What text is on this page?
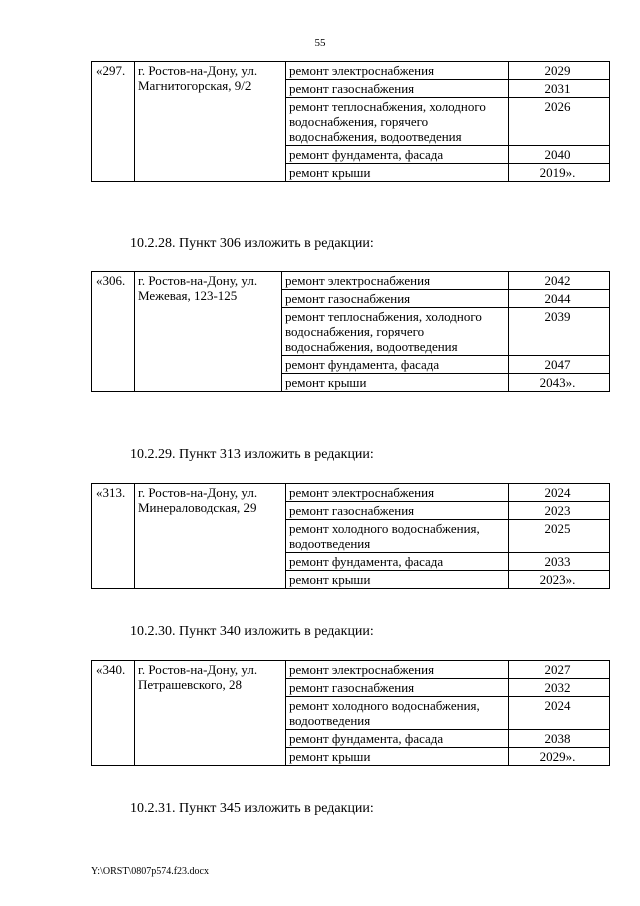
55
«297.	г. Ростов-на-Дону, ул. Магнитогорская, 9/2	ремонт электроснабжения	2029
		ремонт газоснабжения	2031
		ремонт теплоснабжения, холодного водоснабжения, горячего водоснабжения, водоотведения	2026
		ремонт фундамента, фасада	2040
		ремонт крыши	2019».
10.2.28. Пункт 306 изложить в редакции:
«306.	г. Ростов-на-Дону, ул. Межевая, 123-125	ремонт электроснабжения	2042
		ремонт газоснабжения	2044
		ремонт теплоснабжения, холодного водоснабжения, горячего водоснабжения, водоотведения	2039
		ремонт фундамента, фасада	2047
		ремонт крыши	2043».
10.2.29. Пункт 313 изложить в редакции:
«313.	г. Ростов-на-Дону, ул. Минераловодская, 29	ремонт электроснабжения	2024
		ремонт газоснабжения	2023
		ремонт холодного водоснабжения, водоотведения	2025
		ремонт фундамента, фасада	2033
		ремонт крыши	2023».
10.2.30. Пункт 340 изложить в редакции:
«340.	г. Ростов-на-Дону, ул. Петрашевского, 28	ремонт электроснабжения	2027
		ремонт газоснабжения	2032
		ремонт холодного водоснабжения, водоотведения	2024
		ремонт фундамента, фасада	2038
		ремонт крыши	2029».
10.2.31. Пункт 345 изложить в редакции:
Y:\ORST\0807p574.f23.docx
